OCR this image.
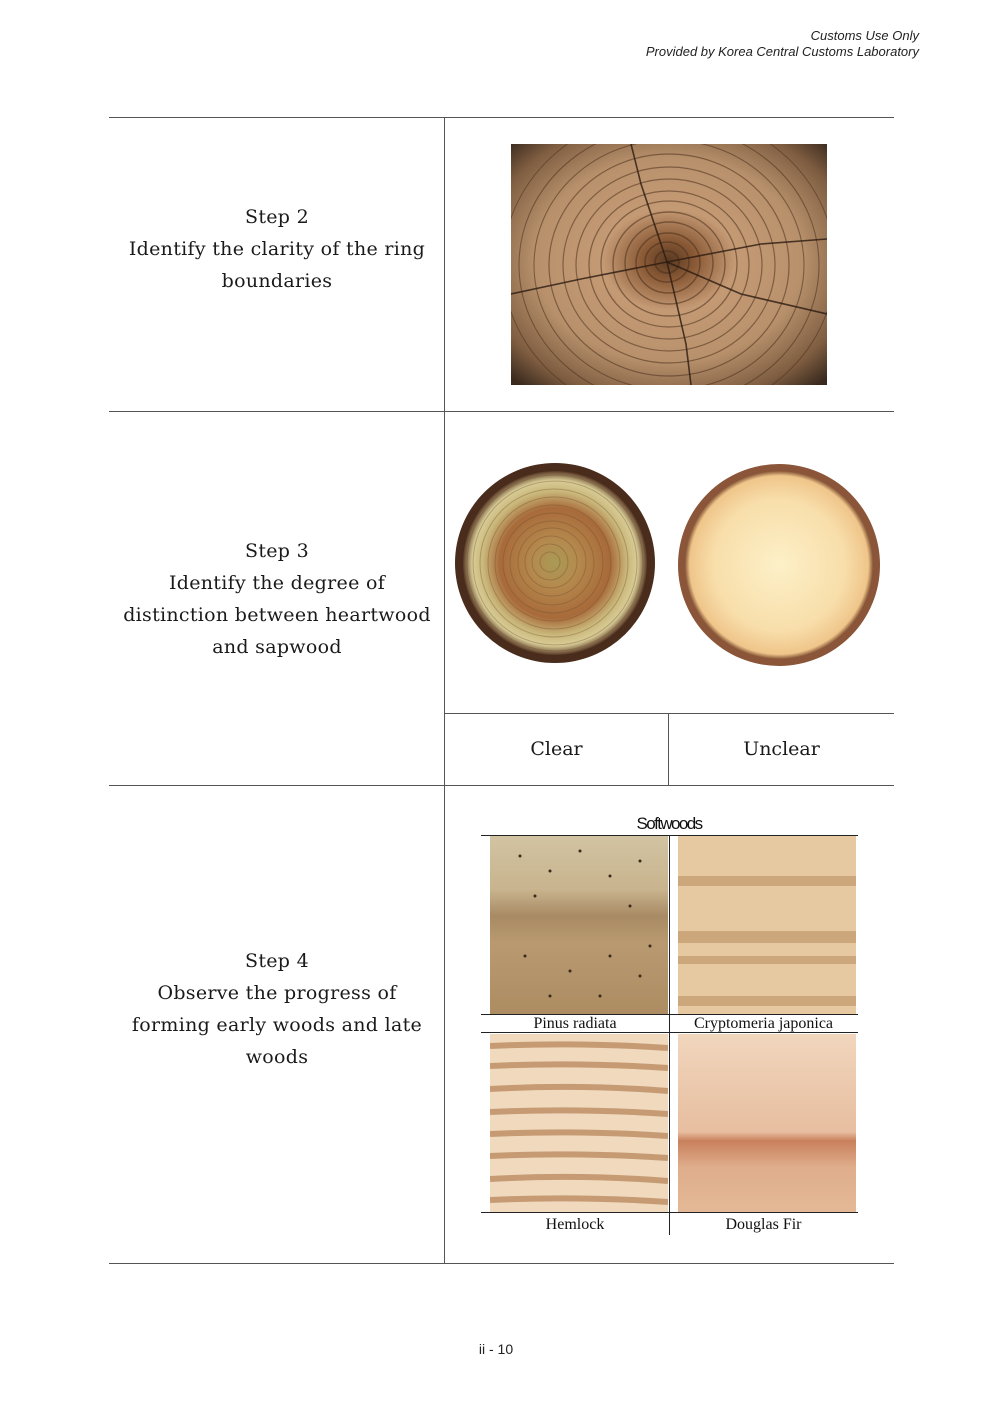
Customs Use Only
Provided by Korea Central Customs Laboratory
Step 2
Identify the clarity of the ring
boundaries
Step 3
Identify the degree of
distinction between heartwood
and sapwood
Clear	Unclear
Step 4
Observe the progress of
forming early woods and late
woods
Softwoods
Pinus radiata	Cryptomeria japonica
Hemlock	Douglas Fir
ii - 10
